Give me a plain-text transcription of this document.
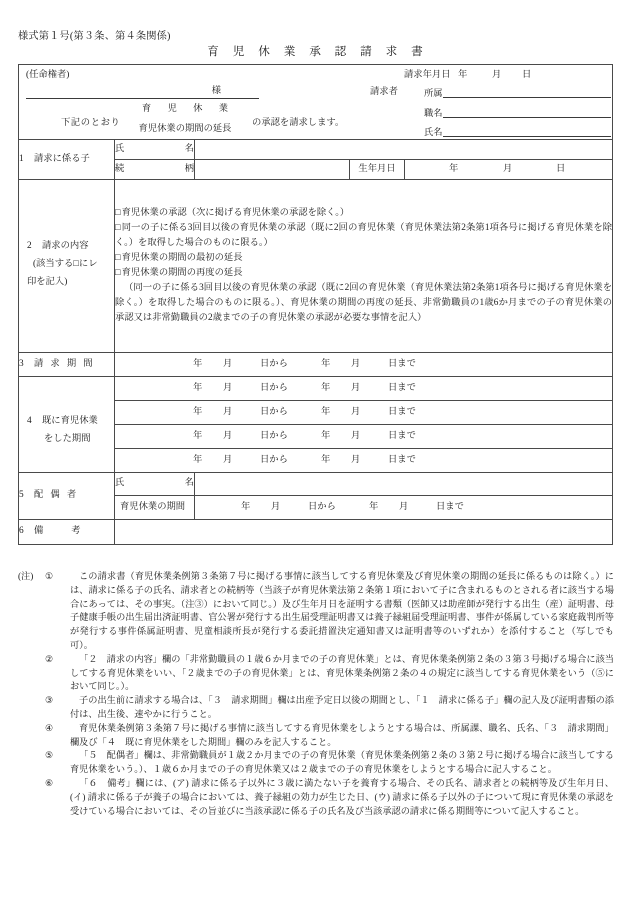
様式第１号(第３条、第４条関係)
育 児 休 業 承 認 請 求 書
(任命権者)
様
請求年月日 年	月 日
下記のとおり
育 児 休 業
育児休業の期間の延長
の承認を請求します。
請求者	所属
職名
氏名

1 請求に係る子	氏 名			

	続 柄		生年月日	年 月 日

2 請求の内容
(該当する□にレ
印を記入)

□育児休業の承認（次に掲げる育児休業の承認を除く。）
□同一の子に係る3回目以後の育児休業の承認（既に2回の育児休業（育児休業法第2条第1項各号に掲げる育児休業を除く。）を取得した場合のものに限る。）
□育児休業の期間の最初の延長
□育児休業の期間の再度の延長
（同一の子に係る3回目以後の育児休業の承認（既に2回の育児休業（育児休業法第2条第1項各号に掲げる育児休業を除く。）を取得した場合のものに限る。）、育児休業の期間の再度の延長、非常勤職員の1歳6か月までの子の育児休業の承認又は非常勤職員の2歳までの子の育児休業の承認が必要な事情を記入）

3 請 求 期 間	年 月 日から 年 月 日まで			

4 既に育児休業
をした期間	年 月 日から 年 月 日まで			

	年 月 日から 年 月 日まで			

	年 月 日から 年 月 日まで			

	年 月 日から 年 月 日まで			

5 配 偶 者	氏 名			

	育児休業の期間	年 月 日から 年 月 日まで		

6 備　　　考				
(注)	①	この請求書（育児休業条例第３条第７号に掲げる事情に該当してする育児休業及び育児休業の期間の延長に係るものは除く。）には、請求に係る子の氏名、請求者との続柄等（当該子が育児休業法第２条第１項において子に含まれるものとされる者に該当する場合にあっては、その事実。（注③）において同じ。）及び生年月日を証明する書類（医師又は助産師が発行する出生（産）証明書、母子健康手帳の出生届出済証明書、官公署が発行する出生届受理証明書又は養子縁組届受理証明書、事件が係属している家庭裁判所等が発行する事件係属証明書、児童相談所長が発行する委託措置決定通知書又は証明書等のいずれか）を添付すること（写しでも可）。
②	「２　請求の内容」欄の「非常勤職員の１歳６か月までの子の育児休業」とは、育児休業条例第２条の３第３号掲げる場合に該当してする育児休業をいい、「２歳までの子の育児休業」とは、育児休業条例第２条の４の規定に該当してする育児休業をいう（⑤において同じ。）。
③	子の出生前に請求する場合は、「３　請求期間」欄は出産予定日以後の期間とし、「１　請求に係る子」欄の記入及び証明書類の添付は、出生後、速やかに行うこと。
④	育児休業条例第３条第７号に掲げる事情に該当してする育児休業をしようとする場合は、所属課、職名、氏名、「３　請求期間」欄及び「４　既に育児休業をした期間」欄のみを記入すること。
⑤	「５　配偶者」欄は、非常勤職員が１歳２か月までの子の育児休業（育児休業条例第２条の３第２号に掲げる場合に該当してする育児休業をいう。）、１歳６か月までの子の育児休業又は２歳までの子の育児休業をしようとする場合に記入すること。
⑥	「６　備考」欄には、(ア) 請求に係る子以外に３歳に満たない子を養育する場合、その氏名、請求者との続柄等及び生年月日、(イ) 請求に係る子が養子の場合においては、養子縁組の効力が生じた日、(ウ) 請求に係る子以外の子について現に育児休業の承認を受けている場合においては、その旨並びに当該承認に係る子の氏名及び当該承認の請求に係る期間等について記入すること。
